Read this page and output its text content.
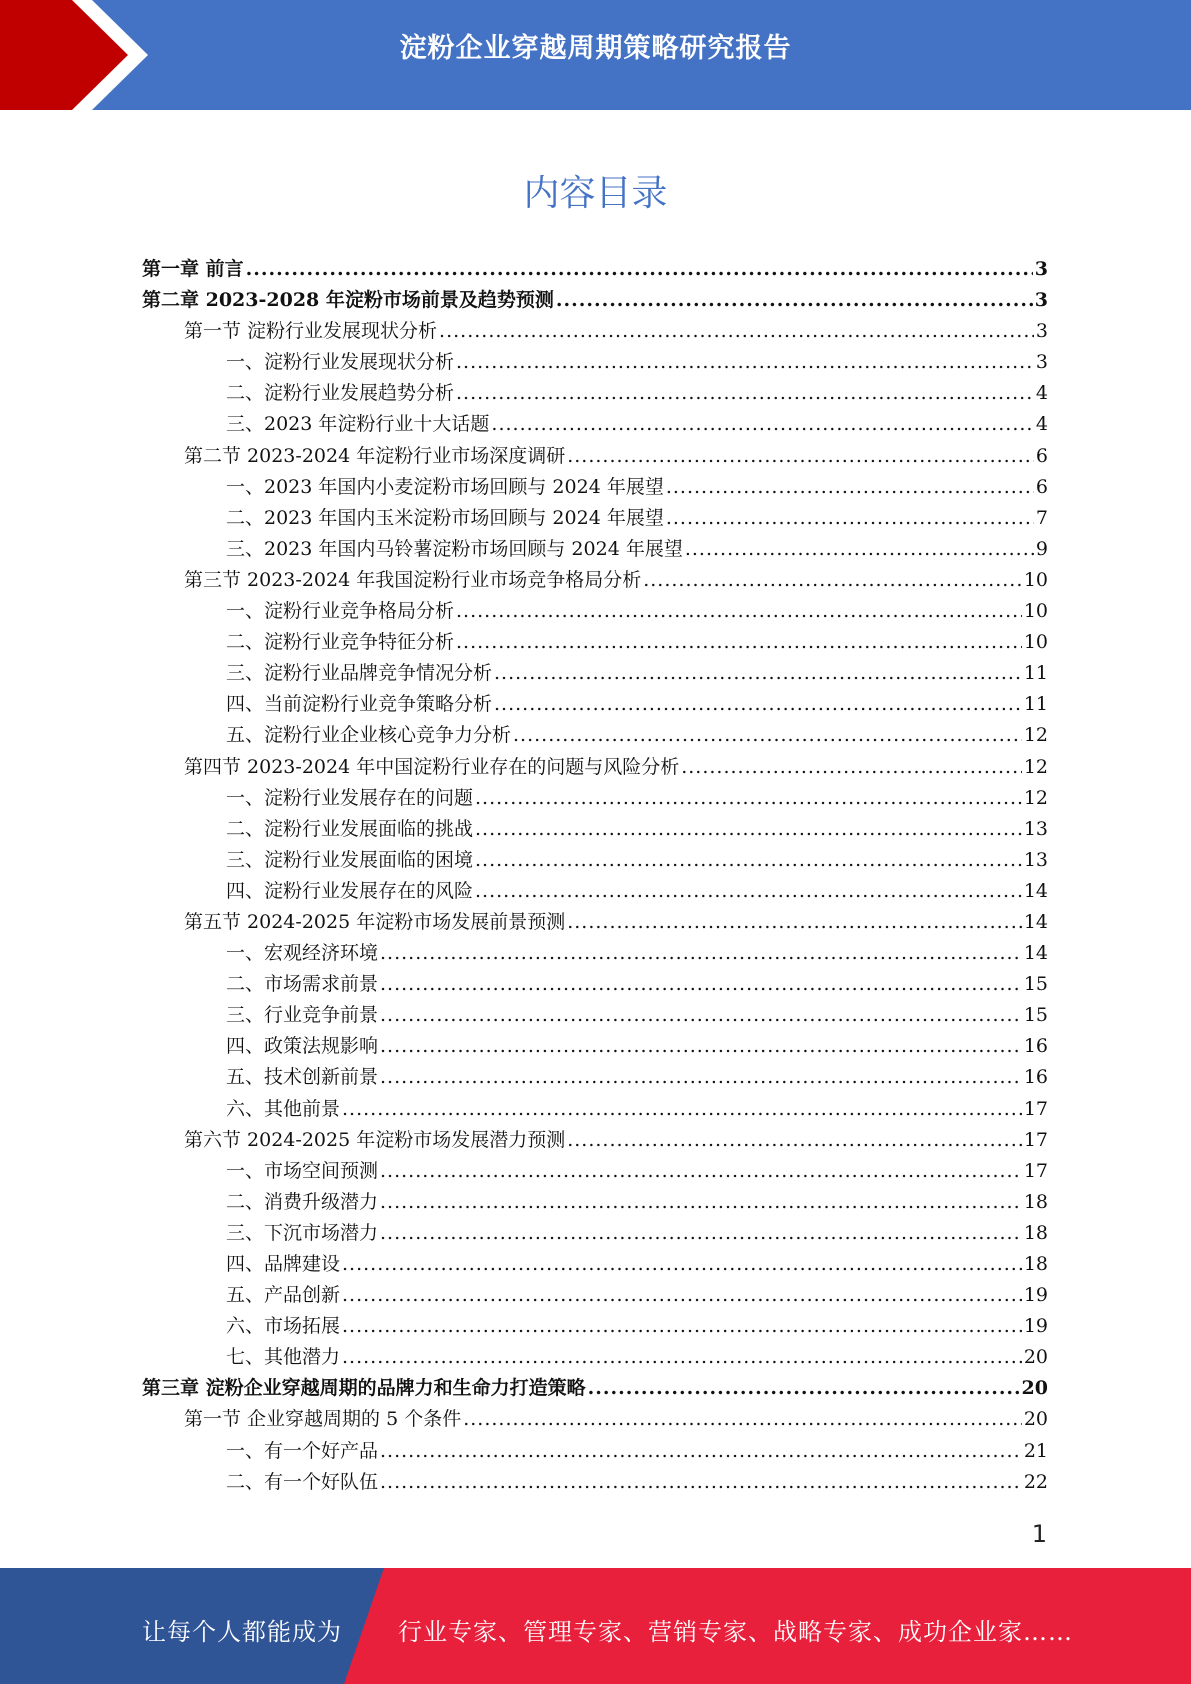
淀粉企业穿越周期策略研究报告
内容目录
第一章 前言 .....	3
第二章 2023-2028 年淀粉市场前景及趋势预测 .....	3
第一节 淀粉行业发展现状分析 .....	3
一、淀粉行业发展现状分析 .....	3
二、淀粉行业发展趋势分析 .....	4
三、2023 年淀粉行业十大话题 .....	4
第二节 2023-2024 年淀粉行业市场深度调研 .....	6
一、2023 年国内小麦淀粉市场回顾与 2024 年展望 .....	6
二、2023 年国内玉米淀粉市场回顾与 2024 年展望 .....	7
三、2023 年国内马铃薯淀粉市场回顾与 2024 年展望 .....	9
第三节 2023-2024 年我国淀粉行业市场竞争格局分析 .....	10
一、淀粉行业竞争格局分析 .....	10
二、淀粉行业竞争特征分析 .....	10
三、淀粉行业品牌竞争情况分析 .....	11
四、当前淀粉行业竞争策略分析 .....	11
五、淀粉行业企业核心竞争力分析 .....	12
第四节 2023-2024 年中国淀粉行业存在的问题与风险分析 .....	12
一、淀粉行业发展存在的问题 .....	12
二、淀粉行业发展面临的挑战 .....	13
三、淀粉行业发展面临的困境 .....	13
四、淀粉行业发展存在的风险 .....	14
第五节 2024-2025 年淀粉市场发展前景预测 .....	14
一、宏观经济环境 .....	14
二、市场需求前景 .....	15
三、行业竞争前景 .....	15
四、政策法规影响 .....	16
五、技术创新前景 .....	16
六、其他前景 .....	17
第六节 2024-2025 年淀粉市场发展潜力预测 .....	17
一、市场空间预测 .....	17
二、消费升级潜力 .....	18
三、下沉市场潜力 .....	18
四、品牌建设 .....	18
五、产品创新 .....	19
六、市场拓展 .....	19
七、其他潜力 .....	20
第三章 淀粉企业穿越周期的品牌力和生命力打造策略 .....	20
第一节 企业穿越周期的 5 个条件 .....	20
一、有一个好产品 .....	21
二、有一个好队伍 .....	22
1
让每个人都能成为 行业专家、管理专家、营销专家、战略专家、成功企业家……
